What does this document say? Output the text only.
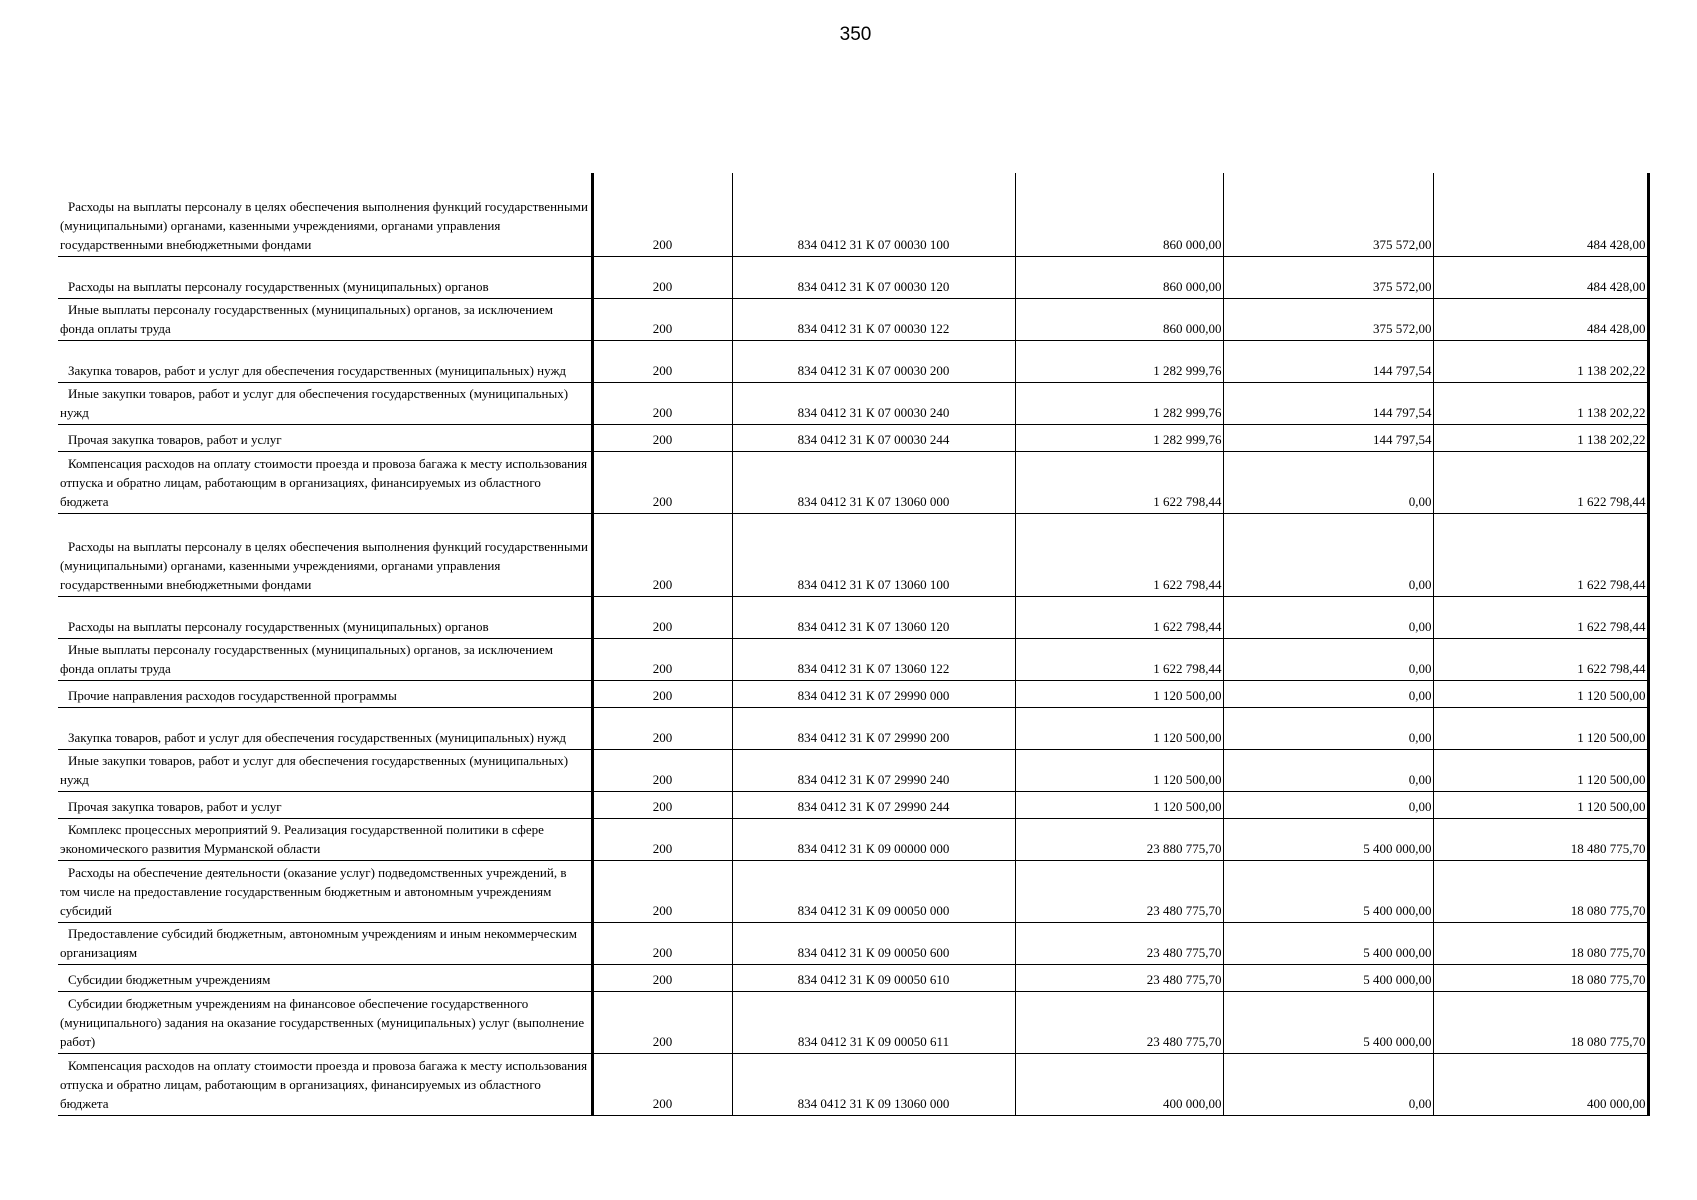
350
Расходы на выплаты персоналу в целях обеспечения выполнения функций государственными (муниципальными) органами, казенными учреждениями, органами управления государственными внебюджетными фондами	200	834 0412 31 К 07 00030 100	860 000,00	375 572,00	484 428,00
Расходы на выплаты персоналу государственных (муниципальных) органов	200	834 0412 31 К 07 00030 120	860 000,00	375 572,00	484 428,00
Иные выплаты персоналу государственных (муниципальных) органов, за исключением фонда оплаты труда	200	834 0412 31 К 07 00030 122	860 000,00	375 572,00	484 428,00
Закупка товаров, работ и услуг для обеспечения государственных (муниципальных) нужд	200	834 0412 31 К 07 00030 200	1 282 999,76	144 797,54	1 138 202,22
Иные закупки товаров, работ и услуг для обеспечения государственных (муниципальных) нужд	200	834 0412 31 К 07 00030 240	1 282 999,76	144 797,54	1 138 202,22
Прочая закупка товаров, работ и услуг	200	834 0412 31 К 07 00030 244	1 282 999,76	144 797,54	1 138 202,22
Компенсация расходов на оплату стоимости проезда и провоза багажа к месту использования отпуска и обратно лицам, работающим в организациях, финансируемых из областного бюджета	200	834 0412 31 К 07 13060 000	1 622 798,44	0,00	1 622 798,44
Расходы на выплаты персоналу в целях обеспечения выполнения функций государственными (муниципальными) органами, казенными учреждениями, органами управления государственными внебюджетными фондами	200	834 0412 31 К 07 13060 100	1 622 798,44	0,00	1 622 798,44
Расходы на выплаты персоналу государственных (муниципальных) органов	200	834 0412 31 К 07 13060 120	1 622 798,44	0,00	1 622 798,44
Иные выплаты персоналу государственных (муниципальных) органов, за исключением фонда оплаты труда	200	834 0412 31 К 07 13060 122	1 622 798,44	0,00	1 622 798,44
Прочие направления расходов государственной программы	200	834 0412 31 К 07 29990 000	1 120 500,00	0,00	1 120 500,00
Закупка товаров, работ и услуг для обеспечения государственных (муниципальных) нужд	200	834 0412 31 К 07 29990 200	1 120 500,00	0,00	1 120 500,00
Иные закупки товаров, работ и услуг для обеспечения государственных (муниципальных) нужд	200	834 0412 31 К 07 29990 240	1 120 500,00	0,00	1 120 500,00
Прочая закупка товаров, работ и услуг	200	834 0412 31 К 07 29990 244	1 120 500,00	0,00	1 120 500,00
Комплекс процессных мероприятий 9. Реализация государственной политики в сфере экономического развития Мурманской области	200	834 0412 31 К 09 00000 000	23 880 775,70	5 400 000,00	18 480 775,70
Расходы на обеспечение деятельности (оказание услуг) подведомственных учреждений, в том числе на предоставление государственным бюджетным и автономным учреждениям субсидий	200	834 0412 31 К 09 00050 000	23 480 775,70	5 400 000,00	18 080 775,70
Предоставление субсидий бюджетным, автономным учреждениям и иным некоммерческим организациям	200	834 0412 31 К 09 00050 600	23 480 775,70	5 400 000,00	18 080 775,70
Субсидии бюджетным учреждениям	200	834 0412 31 К 09 00050 610	23 480 775,70	5 400 000,00	18 080 775,70
Субсидии бюджетным учреждениям на финансовое обеспечение государственного (муниципального) задания на оказание государственных (муниципальных) услуг (выполнение работ)	200	834 0412 31 К 09 00050 611	23 480 775,70	5 400 000,00	18 080 775,70
Компенсация расходов на оплату стоимости проезда и провоза багажа к месту использования отпуска и обратно лицам, работающим в организациях, финансируемых из областного бюджета	200	834 0412 31 К 09 13060 000	400 000,00	0,00	400 000,00
